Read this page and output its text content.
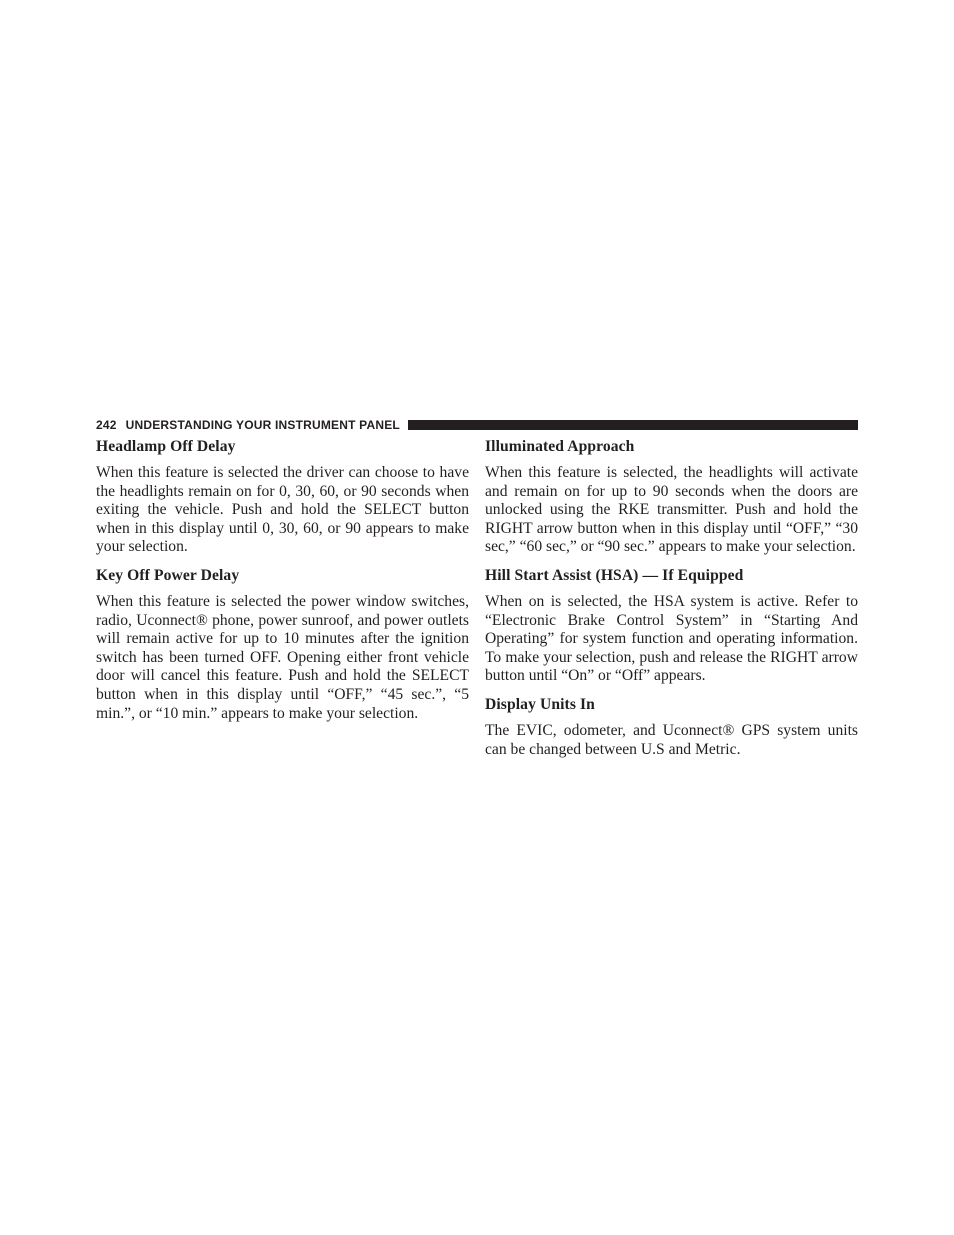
242 UNDERSTANDING YOUR INSTRUMENT PANEL
Headlamp Off Delay

When this feature is selected the driver can choose to have the headlights remain on for 0, 30, 60, or 90 seconds when exiting the vehicle. Push and hold the SELECT button when in this display until 0, 30, 60, or 90 appears to make your selection.

Key Off Power Delay

When this feature is selected the power window switches, radio, Uconnect® phone, power sunroof, and power outlets will remain active for up to 10 minutes after the ignition switch has been turned OFF. Opening either front vehicle door will cancel this feature. Push and hold the SELECT button when in this display until “OFF,” “45 sec.”, “5 min.”, or “10 min.” appears to make your selection.

Illuminated Approach

When this feature is selected, the headlights will activate and remain on for up to 90 seconds when the doors are unlocked using the RKE transmitter. Push and hold the RIGHT arrow button when in this display until “OFF,” “30 sec,” “60 sec,” or “90 sec.” appears to make your selection.

Hill Start Assist (HSA) — If Equipped

When on is selected, the HSA system is active. Refer to “Electronic Brake Control System” in “Starting And Operating” for system function and operating information. To make your selection, push and release the RIGHT arrow button until “On” or “Off” appears.

Display Units In

The EVIC, odometer, and Uconnect® GPS system units can be changed between U.S and Metric.
